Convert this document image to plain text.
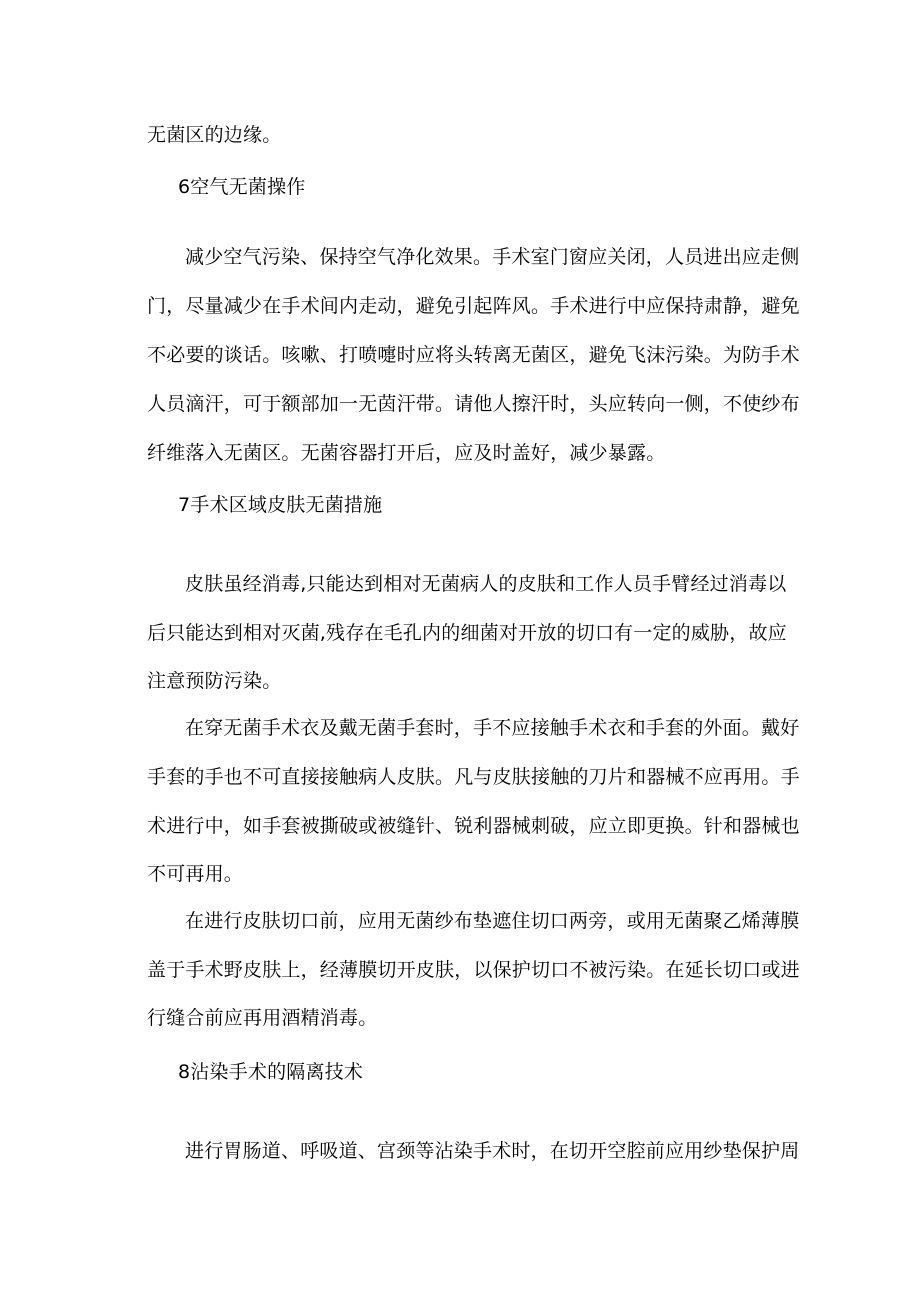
无菌区的边缘。
6空气无菌操作
减少空气污染、保持空气净化效果。手术室门窗应关闭，人员进出应走侧
门，尽量减少在手术间内走动，避免引起阵风。手术进行中应保持肃静，避免
不必要的谈话。咳嗽、打喷嚏时应将头转离无菌区，避免飞沫污染。为防手术
人员滴汗，可于额部加一无茵汗带。请他人擦汗时，头应转向一侧，不使纱布
纤维落入无菌区。无菌容器打开后，应及时盖好，减少暴露。
7手术区域皮肤无菌措施
皮肤虽经消毒,只能达到相对无菌病人的皮肤和工作人员手臂经过消毒以
后只能达到相对灭菌,残存在毛孔内的细菌对开放的切口有一定的威胁，故应
注意预防污染。
在穿无菌手术衣及戴无菌手套时，手不应接触手术衣和手套的外面。戴好
手套的手也不可直接接触病人皮肤。凡与皮肤接触的刀片和器械不应再用。手
术进行中，如手套被撕破或被缝针、锐利器械刺破，应立即更换。针和器械也
不可再用。
在进行皮肤切口前，应用无菌纱布垫遮住切口两旁，或用无菌聚乙烯薄膜
盖于手术野皮肤上，经薄膜切开皮肤，以保护切口不被污染。在延长切口或进
行缝合前应再用酒精消毒。
8沾染手术的隔离技术
进行胃肠道、呼吸道、宫颈等沾染手术时，在切开空腔前应用纱垫保护周
